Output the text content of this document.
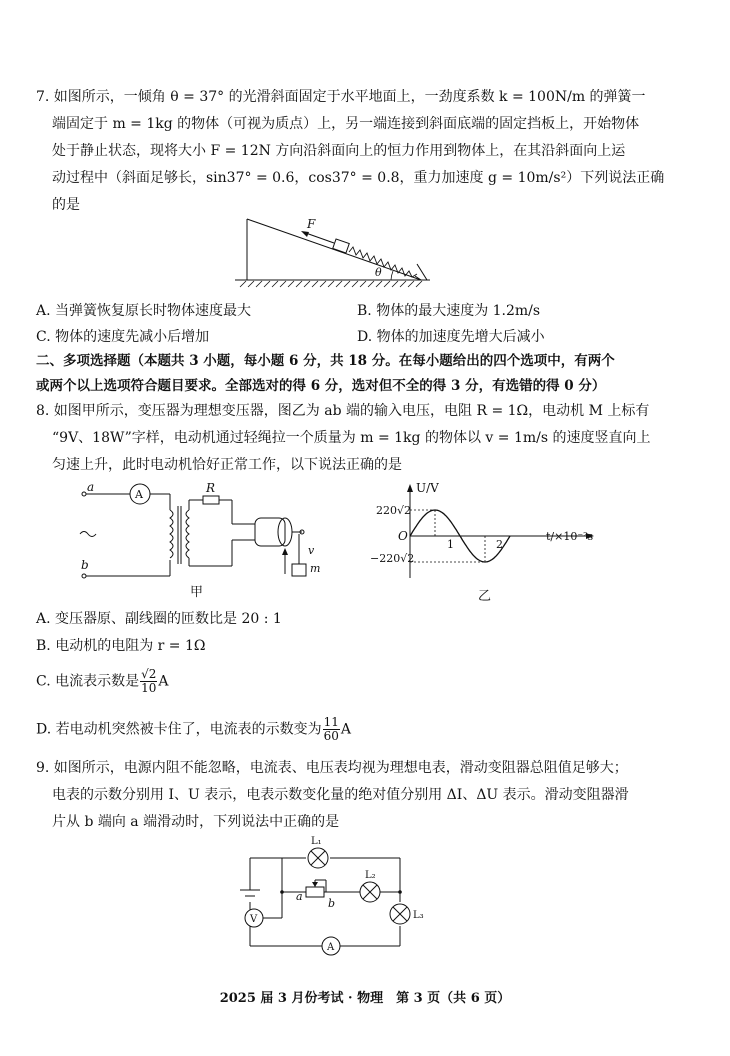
7. 如图所示，一倾角 θ = 37° 的光滑斜面固定于水平地面上，一劲度系数 k = 100N/m 的弹簧一
端固定于 m = 1kg 的物体（可视为质点）上，另一端连接到斜面底端的固定挡板上，开始物体
处于静止状态，现将大小 F = 12N 方向沿斜面向上的恒力作用到物体上，在其沿斜面向上运
动过程中（斜面足够长，sin37° = 0.6，cos37° = 0.8，重力加速度 g = 10m/s²）下列说法正确
的是
F
θ
A. 当弹簧恢复原长时物体速度最大	B. 物体的最大速度为 1.2m/s
C. 物体的速度先减小后增加	D. 物体的加速度先增大后减小
二、多项选择题（本题共 3 小题，每小题 6 分，共 18 分。在每小题给出的四个选项中，有两个
或两个以上选项符合题目要求。全部选对的得 6 分，选对但不全的得 3 分，有选错的得 0 分）
8. 如图甲所示，变压器为理想变压器，图乙为 ab 端的输入电压，电阻 R = 1Ω，电动机 M 上标有
“9V、18W”字样，电动机通过轻绳拉一个质量为 m = 1kg 的物体以 v = 1m/s 的速度竖直向上
匀速上升，此时电动机恰好正常工作，以下说法正确的是
a
b
A	R
v
m
甲
U/V
t/×10⁻²s
O
220√2
−220√2
1	2
乙
A. 变压器原、副线圈的匝数比是 20 : 1
B. 电动机的电阻为 r = 1Ω
C. 电流表示数是 $\frac{√2}{10}$ A
D. 若电动机突然被卡住了，电流表的示数变为 $\frac{11}{60}$ A
9. 如图所示，电源内阻不能忽略，电流表、电压表均视为理想电表，滑动变阻器总阻值足够大；
电表的示数分别用 I、U 表示，电表示数变化量的绝对值分别用 ΔI、ΔU 表示。滑动变阻器滑
片从 b 端向 a 端滑动时，下列说法中正确的是
L₁
L₂
L₃
a
b
V
A
2025 届 3 月份考试 · 物理　第 3 页（共 6 页）
